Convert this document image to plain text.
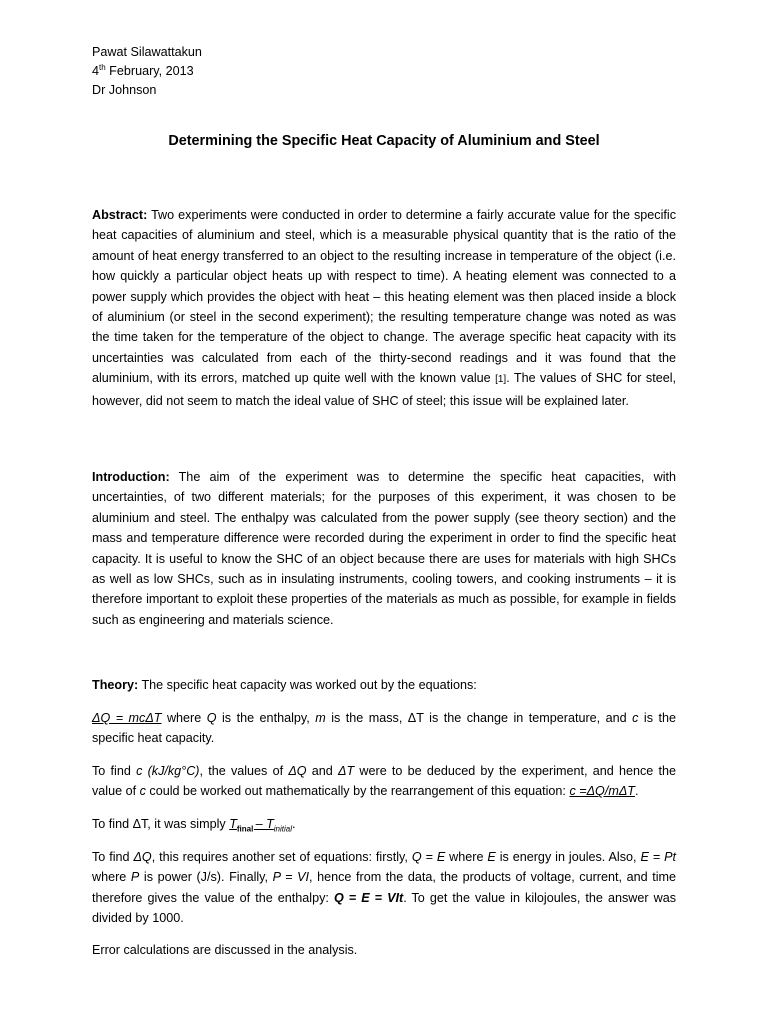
Pawat Silawattakun
4th February, 2013
Dr Johnson
Determining the Specific Heat Capacity of Aluminium and Steel

Abstract: Two experiments were conducted in order to determine a fairly accurate value for the specific heat capacities of aluminium and steel, which is a measurable physical quantity that is the ratio of the amount of heat energy transferred to an object to the resulting increase in temperature of the object (i.e. how quickly a particular object heats up with respect to time). A heating element was connected to a power supply which provides the object with heat – this heating element was then placed inside a block of aluminium (or steel in the second experiment); the resulting temperature change was noted as was the time taken for the temperature of the object to change. The average specific heat capacity with its uncertainties was calculated from each of the thirty-second readings and it was found that the aluminium, with its errors, matched up quite well with the known value [1]. The values of SHC for steel, however, did not seem to match the ideal value of SHC of steel; this issue will be explained later.

Introduction: The aim of the experiment was to determine the specific heat capacities, with uncertainties, of two different materials; for the purposes of this experiment, it was chosen to be aluminium and steel. The enthalpy was calculated from the power supply (see theory section) and the mass and temperature difference were recorded during the experiment in order to find the specific heat capacity. It is useful to know the SHC of an object because there are uses for materials with high SHCs as well as low SHCs, such as in insulating instruments, cooling towers, and cooking instruments – it is therefore important to exploit these properties of the materials as much as possible, for example in fields such as engineering and materials science.

Theory: The specific heat capacity was worked out by the equations:

ΔQ = mcΔT where Q is the enthalpy, m is the mass, ΔT is the change in temperature, and c is the specific heat capacity.

To find c (kJ/kg°C), the values of ΔQ and ΔT were to be deduced by the experiment, and hence the value of c could be worked out mathematically by the rearrangement of this equation: c =ΔQ/mΔT.

To find ΔT, it was simply $T_{final} - T_{initial}$.

To find ΔQ, this requires another set of equations: firstly, Q = E where E is energy in joules. Also, E = Pt where P is power (J/s). Finally, P = VI, hence from the data, the products of voltage, current, and time therefore gives the value of the enthalpy: Q = E = VIt. To get the value in kilojoules, the answer was divided by 1000.

Error calculations are discussed in the analysis.
